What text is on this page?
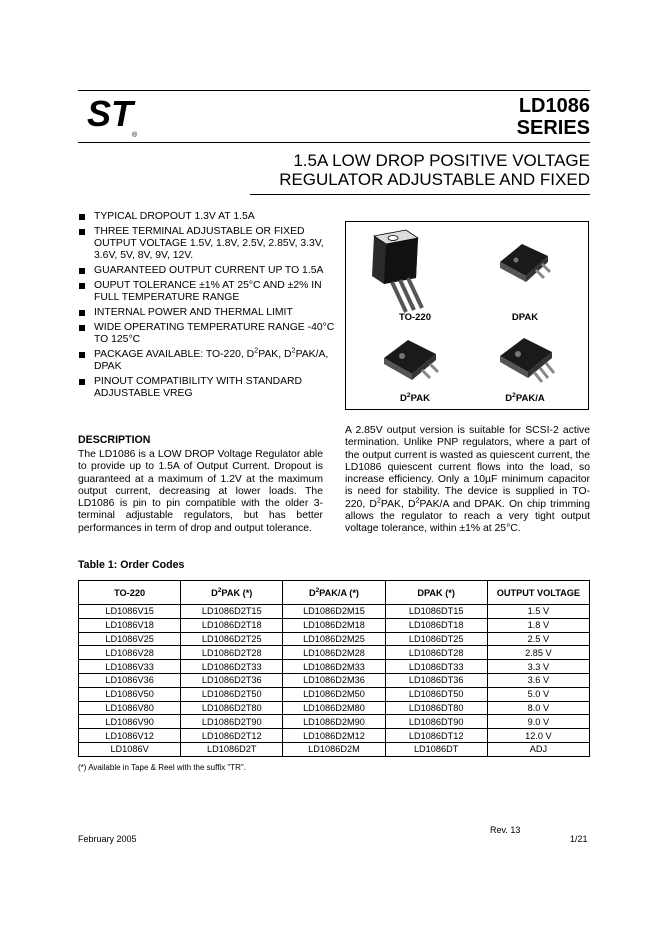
ST
®
LD1086
SERIES
1.5A LOW DROP POSITIVE VOLTAGE
REGULATOR ADJUSTABLE AND FIXED
TYPICAL DROPOUT 1.3V AT 1.5A
THREE TERMINAL ADJUSTABLE OR FIXED OUTPUT VOLTAGE 1.5V, 1.8V, 2.5V, 2.85V, 3.3V, 3.6V, 5V, 8V, 9V, 12V.
GUARANTEED OUTPUT CURRENT UP TO 1.5A
OUPUT TOLERANCE ±1% AT 25°C AND ±2% IN FULL TEMPERATURE RANGE
INTERNAL POWER AND THERMAL LIMIT
WIDE OPERATING TEMPERATURE RANGE -40°C TO 125°C
PACKAGE AVAILABLE: TO-220, $D^2PAK$, $D^2PAK/A$, DPAK
PINOUT COMPATIBILITY WITH STANDARD ADJUSTABLE VREG
TO-220	DPAK
$D^2PAK$	$D^2PAK/A$
DESCRIPTION
The LD1086 is a LOW DROP Voltage Regulator able to provide up to 1.5A of Output Current. Dropout is guaranteed at a maximum of 1.2V at the maximum output current, decreasing at lower loads. The LD1086 is pin to pin compatible with the older 3-terminal adjustable regulators, but has better performances in term of drop and output tolerance.
A 2.85V output version is suitable for SCSI-2 active termination. Unlike PNP regulators, where a part of the output current is wasted as quiescent current, the LD1086 quiescent current flows into the load, so increase efficiency. Only a 10µF minimum capacitor is need for stability. The device is supplied in TO-220, $D^2PAK$, $D^2PAK/A$ and DPAK. On chip trimming allows the regulator to reach a very tight output voltage tolerance, within ±1% at 25°C.
Table 1: Order Codes
TO-220	$D^2PAK$ (*)	$D^2PAK/A$ (*)	DPAK (*)	OUTPUT VOLTAGE
LD1086V15	LD1086D2T15	LD1086D2M15	LD1086DT15	1.5 V
LD1086V18	LD1086D2T18	LD1086D2M18	LD1086DT18	1.8 V
LD1086V25	LD1086D2T25	LD1086D2M25	LD1086DT25	2.5 V
LD1086V28	LD1086D2T28	LD1086D2M28	LD1086DT28	2.85 V
LD1086V33	LD1086D2T33	LD1086D2M33	LD1086DT33	3.3 V
LD1086V36	LD1086D2T36	LD1086D2M36	LD1086DT36	3.6 V
LD1086V50	LD1086D2T50	LD1086D2M50	LD1086DT50	5.0 V
LD1086V80	LD1086D2T80	LD1086D2M80	LD1086DT80	8.0 V
LD1086V90	LD1086D2T90	LD1086D2M90	LD1086DT90	9.0 V
LD1086V12	LD1086D2T12	LD1086D2M12	LD1086DT12	12.0 V
LD1086V	LD1086D2T	LD1086D2M	LD1086DT	ADJ
(*) Available in Tape & Reel with the suffix "TR".
Rev. 13
February 2005	1/21
